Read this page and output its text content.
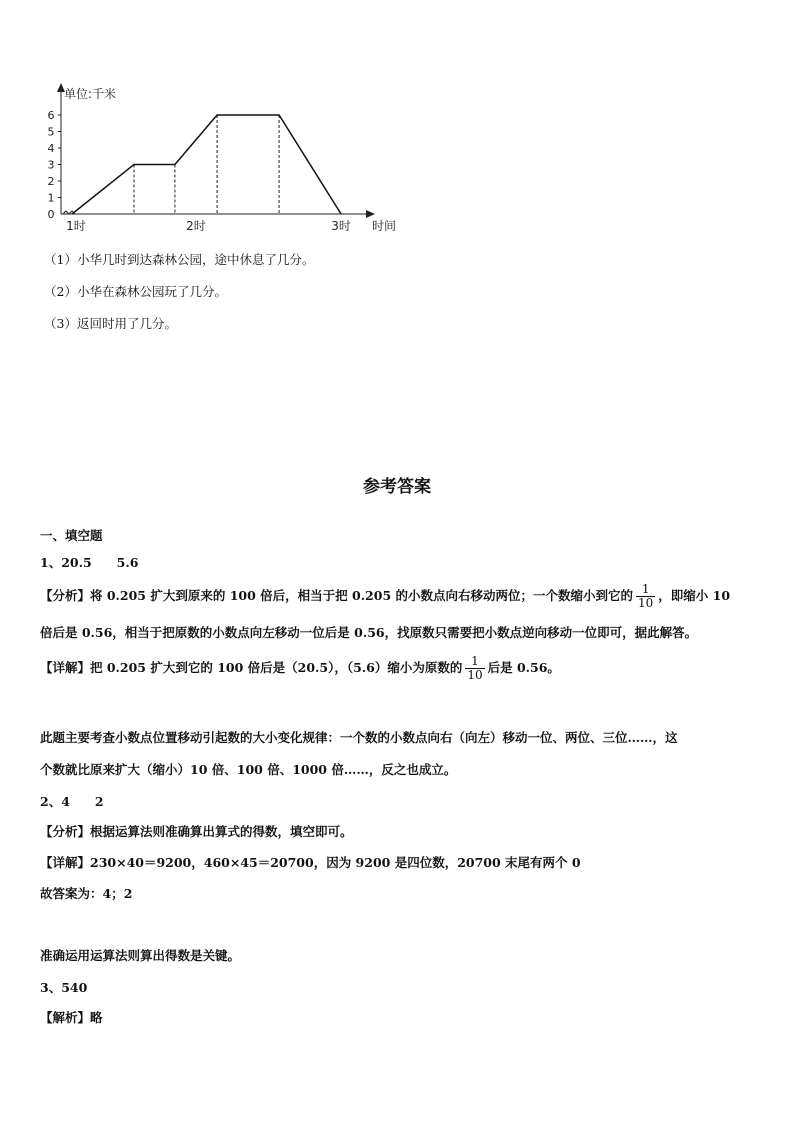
单位:千米
时间
0
1
2
3
4
5
6
1时	2时	3时
（1）小华几时到达森林公园，途中休息了几分。
（2）小华在森林公园玩了几分。
（3）返回时用了几分。
参考答案
一、填空题
1、20.5　　5.6
【分析】将 0.205 扩大到原来的 100 倍后，相当于把 0.205 的小数点向右移动两位；一个数缩小到它的 $\frac{1}{10}$ ，即缩小 10
倍后是 0.56，相当于把原数的小数点向左移动一位后是 0.56，找原数只需要把小数点逆向移动一位即可，据此解答。
【详解】把 0.205 扩大到它的 100 倍后是（20.5），（5.6）缩小为原数的 $\frac{1}{10}$ 后是 0.56。
此题主要考查小数点位置移动引起数的大小变化规律：一个数的小数点向右（向左）移动一位、两位、三位……，这
个数就比原来扩大（缩小）10 倍、100 倍、1000 倍……，反之也成立。
2、4　　2
【分析】根据运算法则准确算出算式的得数，填空即可。
【详解】230×40＝9200，460×45＝20700，因为 9200 是四位数，20700 末尾有两个 0
故答案为：4；2
准确运用运算法则算出得数是关键。
3、540
【解析】略
